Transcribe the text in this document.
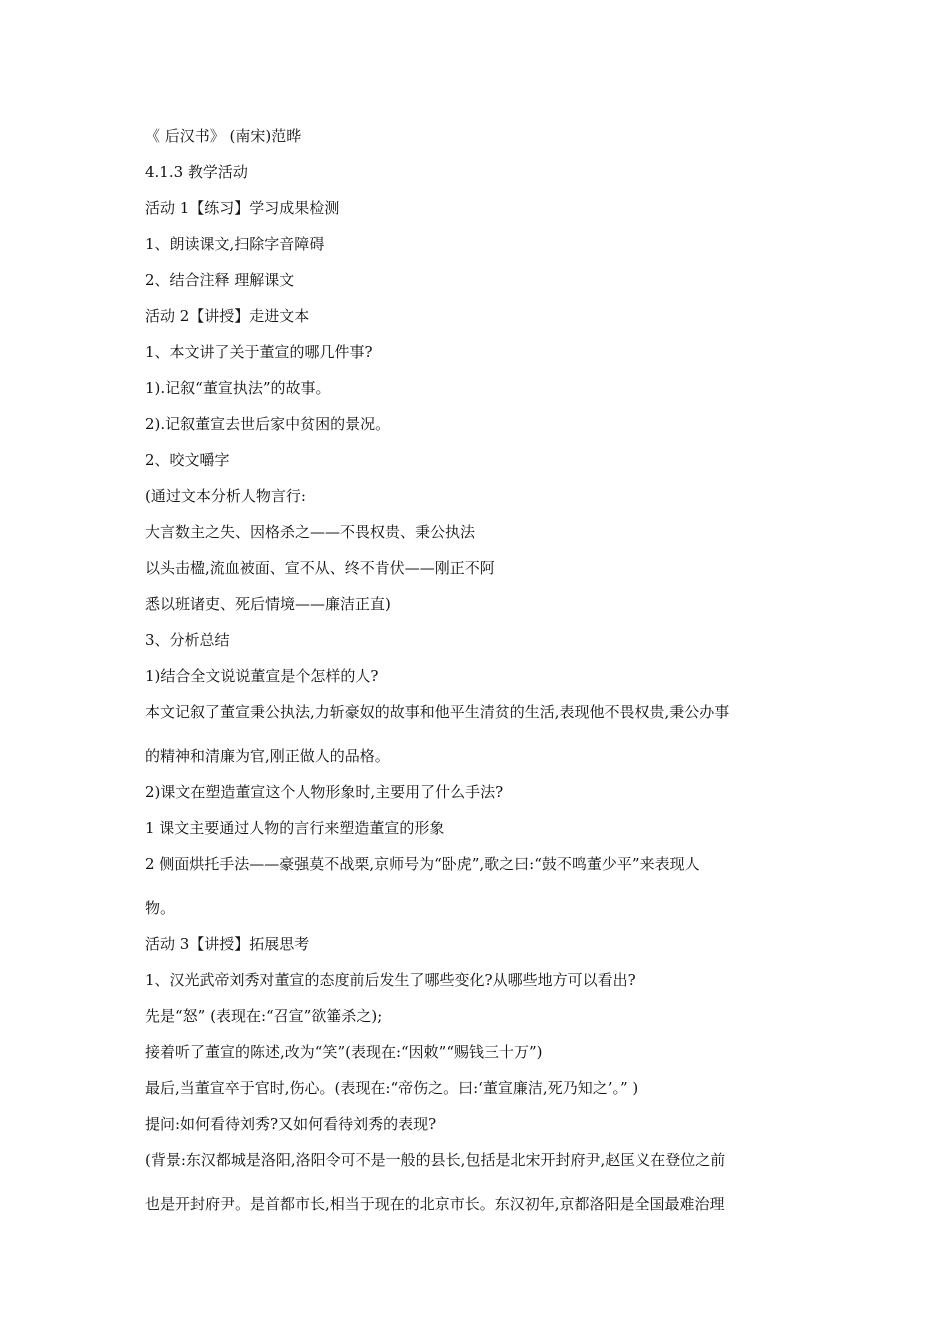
《 后汉书》 (南宋)范晔
4.1.3 教学活动
活动 1【练习】学习成果检测
1、朗读课文,扫除字音障碍
2、结合注释 理解课文
活动 2【讲授】走进文本
1、本文讲了关于董宣的哪几件事?
1).记叙“董宣执法”的故事。
2).记叙董宣去世后家中贫困的景况。
2、咬文嚼字
(通过文本分析人物言行:
大言数主之失、因格杀之——不畏权贵、秉公执法
以头击楹,流血被面、宣不从、终不肯伏——刚正不阿
悉以班诸吏、死后情境——廉洁正直)
3、分析总结
1)结合全文说说董宣是个怎样的人?
本文记叙了董宣秉公执法,力斩豪奴的故事和他平生清贫的生活,表现他不畏权贵,秉公办事
的精神和清廉为官,刚正做人的品格。
2)课文在塑造董宣这个人物形象时,主要用了什么手法?
1 课文主要通过人物的言行来塑造董宣的形象
2 侧面烘托手法——豪强莫不战栗,京师号为“卧虎”,歌之曰:“鼓不鸣董少平”来表现人
物。
活动 3【讲授】拓展思考
1、汉光武帝刘秀对董宣的态度前后发生了哪些变化?从哪些地方可以看出?
先是“怒” (表现在:“召宣”欲箠杀之);
接着听了董宣的陈述,改为“笑”(表现在:“因敕”“赐钱三十万”)
最后,当董宣卒于官时,伤心。(表现在:“帝伤之。曰:‘董宣廉洁,死乃知之’。” )
提问:如何看待刘秀?又如何看待刘秀的表现?
(背景:东汉都城是洛阳,洛阳令可不是一般的县长,包括是北宋开封府尹,赵匡义在登位之前
也是开封府尹。是首都市长,相当于现在的北京市长。东汉初年,京都洛阳是全国最难治理
